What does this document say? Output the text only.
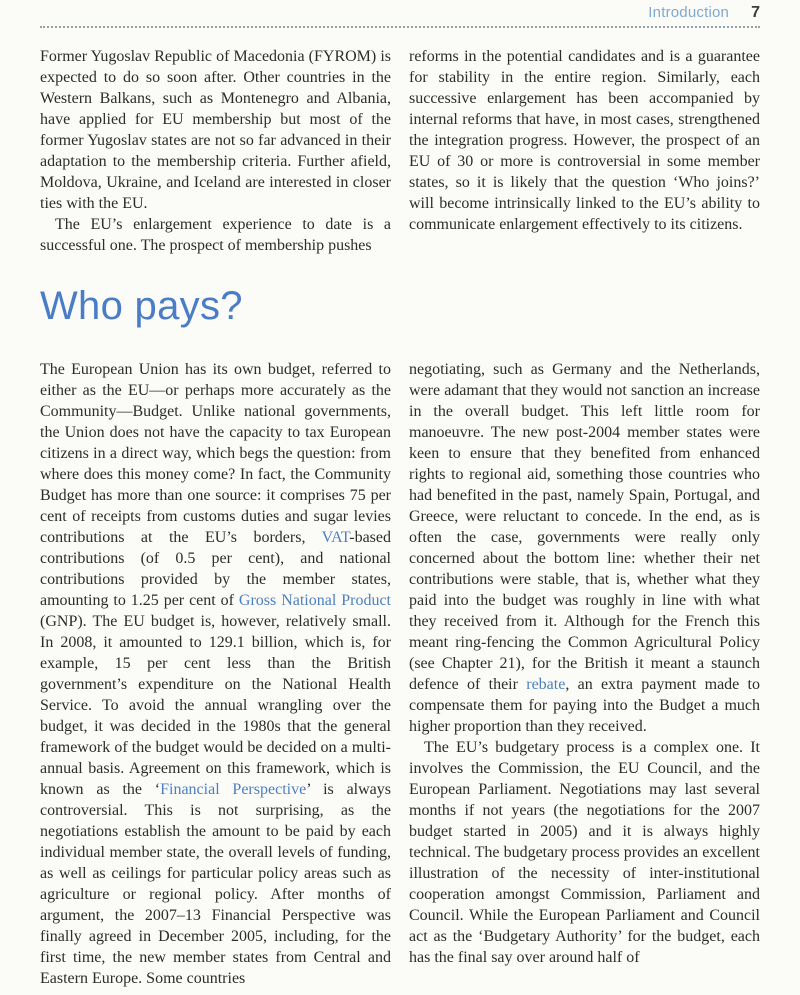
Introduction 7

Former Yugoslav Republic of Macedonia (FYROM) is expected to do so soon after. Other countries in the Western Balkans, such as Montenegro and Albania, have applied for EU membership but most of the former Yugoslav states are not so far advanced in their adaptation to the membership criteria. Further afield, Moldova, Ukraine, and Iceland are interested in closer ties with the EU.

The EU’s enlargement experience to date is a successful one. The prospect of membership pushes

reforms in the potential candidates and is a guarantee for stability in the entire region. Similarly, each successive enlargement has been accompanied by internal reforms that have, in most cases, strengthened the integration progress. However, the prospect of an EU of 30 or more is controversial in some member states, so it is likely that the question ‘Who joins?’ will become intrinsically linked to the EU’s ability to communicate enlargement effectively to its citizens.

Who pays?

The European Union has its own budget, referred to either as the EU—or perhaps more accurately as the Community—Budget. Unlike national governments, the Union does not have the capacity to tax European citizens in a direct way, which begs the question: from where does this money come? In fact, the Community Budget has more than one source: it comprises 75 per cent of receipts from customs duties and sugar levies contributions at the EU’s borders, VAT-based contributions (of 0.5 per cent), and national contributions provided by the member states, amounting to 1.25 per cent of Gross National Product (GNP). The EU budget is, however, relatively small. In 2008, it amounted to 129.1 billion, which is, for example, 15 per cent less than the British government’s expenditure on the National Health Service. To avoid the annual wrangling over the budget, it was decided in the 1980s that the general framework of the budget would be decided on a multi-annual basis. Agreement on this framework, which is known as the ‘Financial Perspective’ is always controversial. This is not surprising, as the negotiations establish the amount to be paid by each individual member state, the overall levels of funding, as well as ceilings for particular policy areas such as agriculture or regional policy. After months of argument, the 2007–13 Financial Perspective was finally agreed in December 2005, including, for the first time, the new member states from Central and Eastern Europe. Some countries

negotiating, such as Germany and the Netherlands, were adamant that they would not sanction an increase in the overall budget. This left little room for manoeuvre. The new post-2004 member states were keen to ensure that they benefited from enhanced rights to regional aid, something those countries who had benefited in the past, namely Spain, Portugal, and Greece, were reluctant to concede. In the end, as is often the case, governments were really only concerned about the bottom line: whether their net contributions were stable, that is, whether what they paid into the budget was roughly in line with what they received from it. Although for the French this meant ring-fencing the Common Agricultural Policy (see Chapter 21), for the British it meant a staunch defence of their rebate, an extra payment made to compensate them for paying into the Budget a much higher proportion than they received.

The EU’s budgetary process is a complex one. It involves the Commission, the EU Council, and the European Parliament. Negotiations may last several months if not years (the negotiations for the 2007 budget started in 2005) and it is always highly technical. The budgetary process provides an excellent illustration of the necessity of inter-institutional cooperation amongst Commission, Parliament and Council. While the European Parliament and Council act as the ‘Budgetary Authority’ for the budget, each has the final say over around half of
